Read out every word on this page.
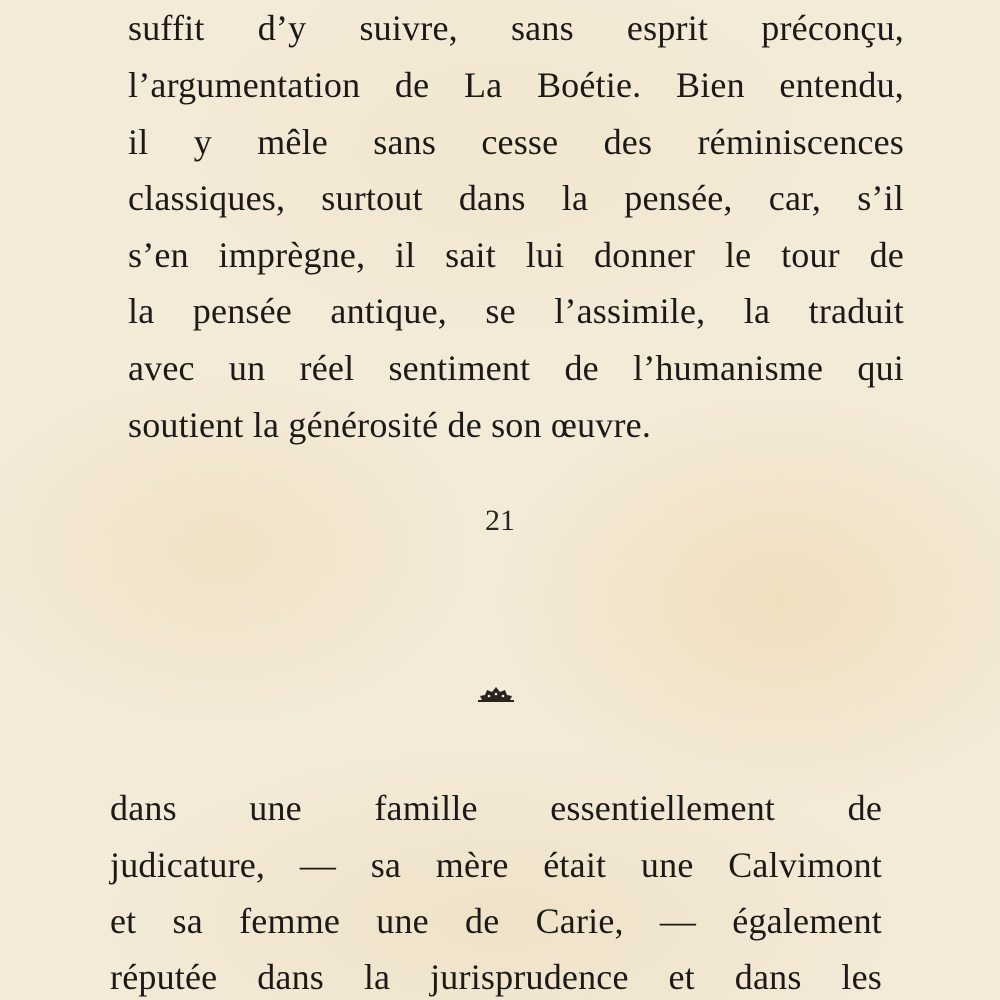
suffit d’y suivre, sans esprit préconçu,
l’argumentation de La Boétie. Bien entendu,
il y mêle sans cesse des réminiscences
classiques, surtout dans la pensée, car, s’il
s’en imprègne, il sait lui donner le tour de
la pensée antique, se l’assimile, la traduit
avec un réel sentiment de l’humanisme qui
soutient la générosité de son œuvre.
21
dans une famille essentiellement de
judicature, — sa mère était une Calvimont
et sa femme une de Carie, — également
réputée dans la jurisprudence et dans les
